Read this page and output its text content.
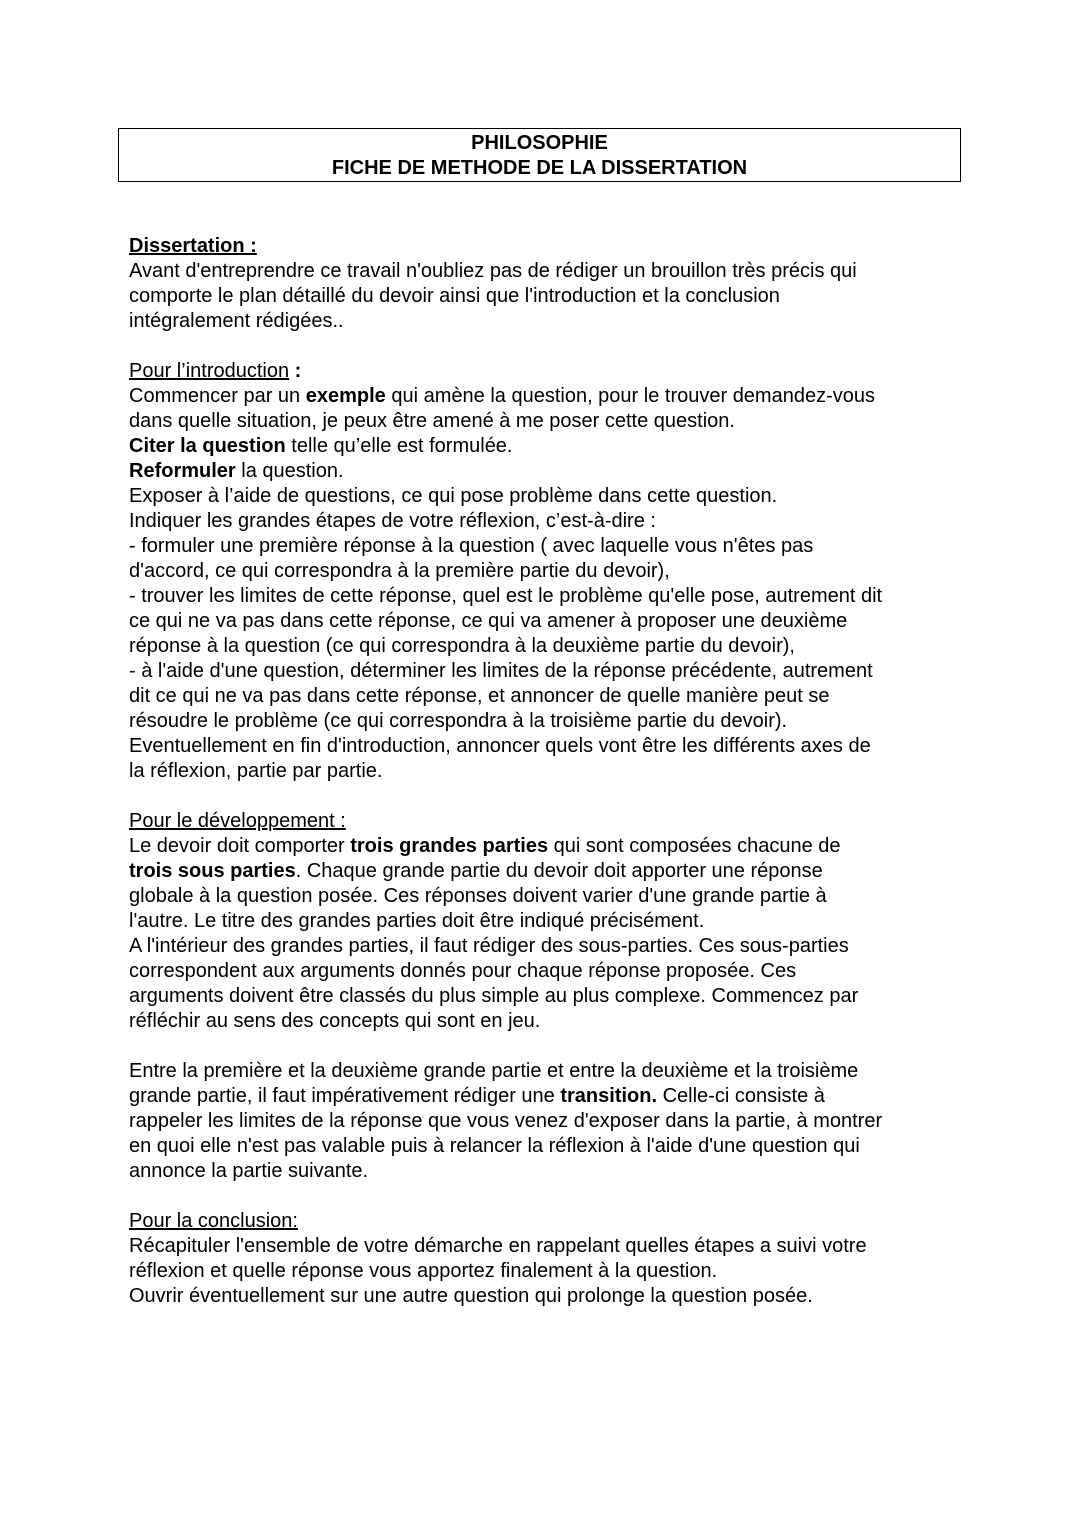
PHILOSOPHIE
FICHE DE METHODE DE LA DISSERTATION
Dissertation :
Avant d'entreprendre ce travail n'oubliez pas de rédiger un brouillon très précis qui
comporte le plan détaillé du devoir ainsi que l'introduction et la conclusion
intégralement rédigées..
Pour l’introduction :
Commencer par un exemple qui amène la question, pour le trouver demandez-vous
dans quelle situation, je peux être amené à me poser cette question.
Citer la question telle qu’elle est formulée.
Reformuler la question.
Exposer à l’aide de questions, ce qui pose problème dans cette question.
Indiquer les grandes étapes de votre réflexion, c’est-à-dire :
- formuler une première réponse à la question ( avec laquelle vous n'êtes pas
d'accord, ce qui correspondra à la première partie du devoir),
- trouver les limites de cette réponse, quel est le problème qu'elle pose, autrement dit
ce qui ne va pas dans cette réponse, ce qui va amener à proposer une deuxième
réponse à la question (ce qui correspondra à la deuxième partie du devoir),
- à l'aide d'une question, déterminer les limites de la réponse précédente, autrement
dit ce qui ne va pas dans cette réponse, et annoncer de quelle manière peut se
résoudre le problème (ce qui correspondra à la troisième partie du devoir).
Eventuellement en fin d'introduction, annoncer quels vont être les différents axes de
la réflexion, partie par partie.
Pour le développement :
Le devoir doit comporter trois grandes parties qui sont composées chacune de
trois sous parties. Chaque grande partie du devoir doit apporter une réponse
globale à la question posée. Ces réponses doivent varier d'une grande partie à
l'autre. Le titre des grandes parties doit être indiqué précisément.
A l'intérieur des grandes parties, il faut rédiger des sous-parties. Ces sous-parties
correspondent aux arguments donnés pour chaque réponse proposée. Ces
arguments doivent être classés du plus simple au plus complexe. Commencez par
réfléchir au sens des concepts qui sont en jeu.
Entre la première et la deuxième grande partie et entre la deuxième et la troisième
grande partie, il faut impérativement rédiger une transition. Celle-ci consiste à
rappeler les limites de la réponse que vous venez d'exposer dans la partie, à montrer
en quoi elle n'est pas valable puis à relancer la réflexion à l'aide d'une question qui
annonce la partie suivante.
Pour la conclusion:
Récapituler l'ensemble de votre démarche en rappelant quelles étapes a suivi votre
réflexion et quelle réponse vous apportez finalement à la question.
Ouvrir éventuellement sur une autre question qui prolonge la question posée.
